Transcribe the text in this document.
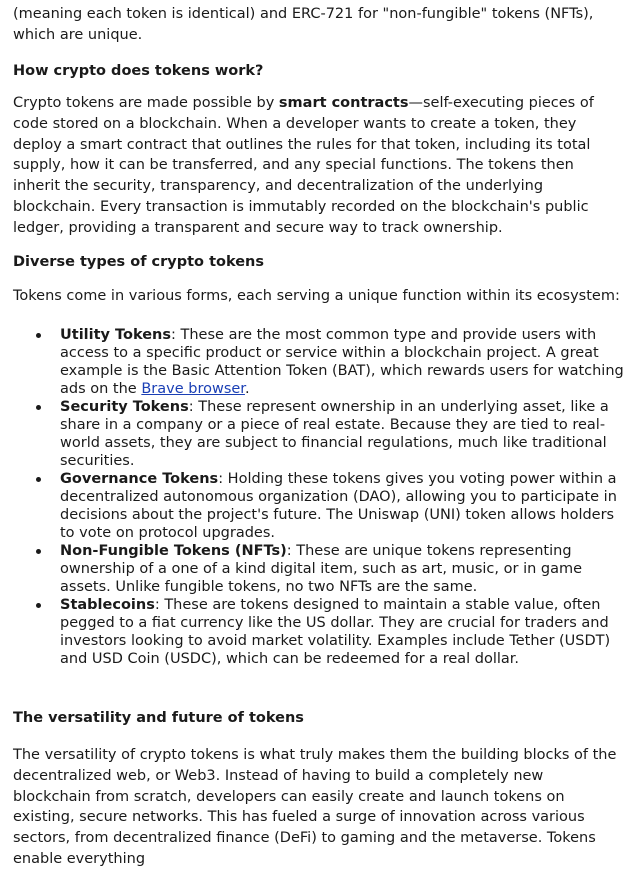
(meaning each token is identical) and ERC-721 for "non-fungible" tokens (NFTs), which are unique.

How crypto does tokens work?

Crypto tokens are made possible by smart contracts—self-executing pieces of code stored on a blockchain. When a developer wants to create a token, they deploy a smart contract that outlines the rules for that token, including its total supply, how it can be transferred, and any special functions. The tokens then inherit the security, transparency, and decentralization of the underlying blockchain. Every transaction is immutably recorded on the blockchain's public ledger, providing a transparent and secure way to track ownership.

Diverse types of crypto tokens

Tokens come in various forms, each serving a unique function within its ecosystem:

Utility Tokens: These are the most common type and provide users with access to a specific product or service within a blockchain project. A great example is the Basic Attention Token (BAT), which rewards users for watching ads on the Brave browser.
Security Tokens: These represent ownership in an underlying asset, like a share in a company or a piece of real estate. Because they are tied to real-world assets, they are subject to financial regulations, much like traditional securities.
Governance Tokens: Holding these tokens gives you voting power within a decentralized autonomous organization (DAO), allowing you to participate in decisions about the project's future. The Uniswap (UNI) token allows holders to vote on protocol upgrades.
Non-Fungible Tokens (NFTs): These are unique tokens representing ownership of a one of a kind digital item, such as art, music, or in game assets. Unlike fungible tokens, no two NFTs are the same.
Stablecoins: These are tokens designed to maintain a stable value, often pegged to a fiat currency like the US dollar. They are crucial for traders and investors looking to avoid market volatility. Examples include Tether (USDT) and USD Coin (USDC), which can be redeemed for a real dollar.
The versatility and future of tokens

The versatility of crypto tokens is what truly makes them the building blocks of the decentralized web, or Web3. Instead of having to build a completely new blockchain from scratch, developers can easily create and launch tokens on existing, secure networks. This has fueled a surge of innovation across various sectors, from decentralized finance (DeFi) to gaming and the metaverse. Tokens enable everything
